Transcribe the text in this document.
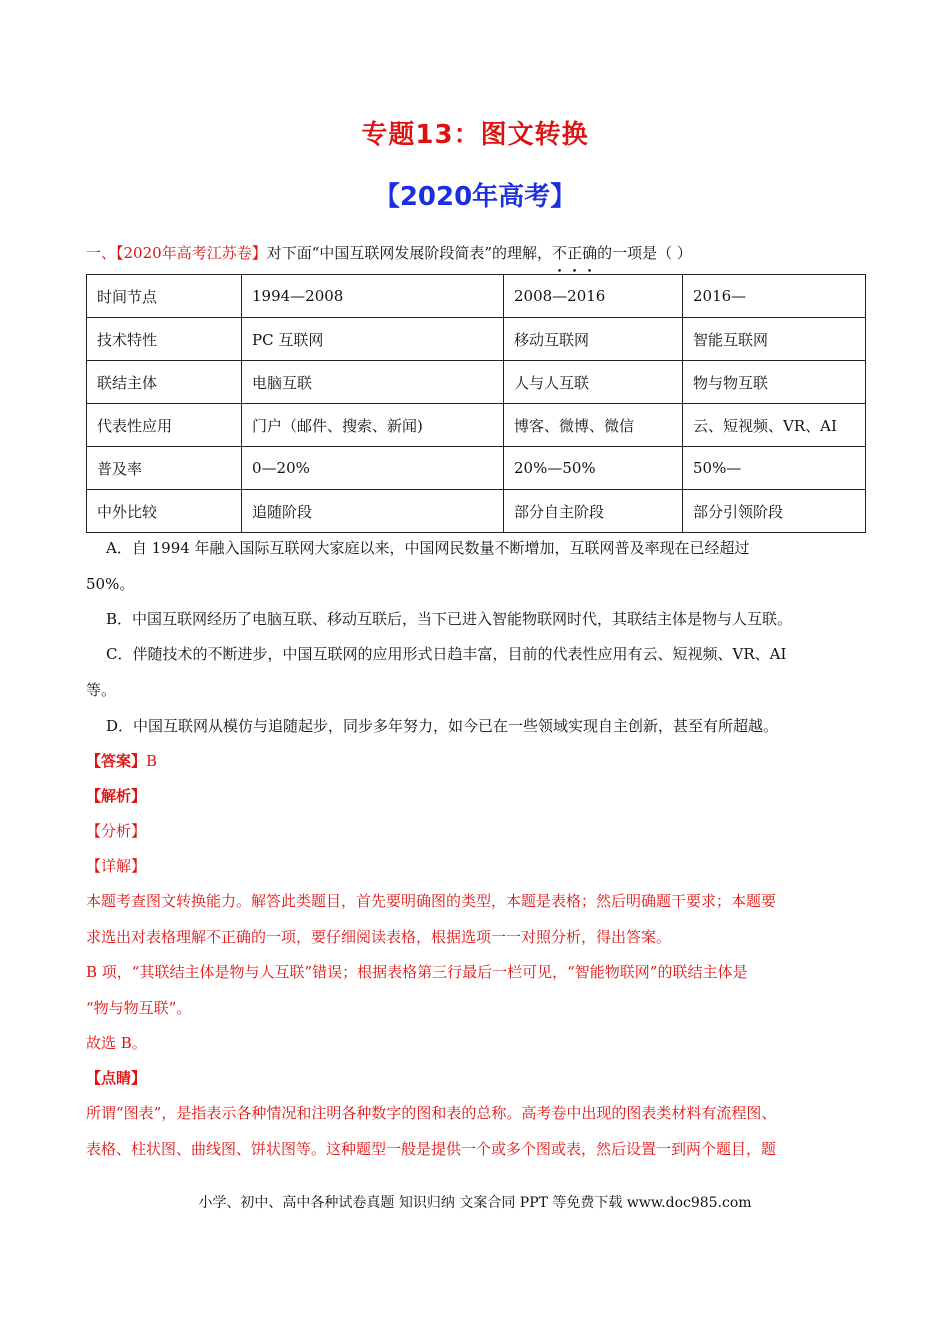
专题13：图文转换
【2020年高考】
一、【2020年高考江苏卷】对下面“中国互联网发展阶段简表”的理解，不正确的一项是（ ）
时间节点	1994—2008	2008—2016	2016—
技术特性	PC 互联网	移动互联网	智能互联网
联结主体	电脑互联	人与人互联	物与物互联
代表性应用	门户（邮件、搜索、新闻)	博客、微博、微信	云、短视频、VR、AI
普及率	0—20%	20%—50%	50%—
中外比较	追随阶段	部分自主阶段	部分引领阶段
A．自 1994 年融入国际互联网大家庭以来，中国网民数量不断增加，互联网普及率现在已经超过
50%。
B．中国互联网经历了电脑互联、移动互联后，当下已进入智能物联网时代，其联结主体是物与人互联。
C．伴随技术的不断进步，中国互联网的应用形式日趋丰富，目前的代表性应用有云、短视频、VR、AI
等。
D．中国互联网从模仿与追随起步，同步多年努力，如今已在一些领域实现自主创新，甚至有所超越。
【答案】B
【解析】
【分析】
【详解】
本题考查图文转换能力。解答此类题目，首先要明确图的类型，本题是表格；然后明确题干要求；本题要
求选出对表格理解不正确的一项，要仔细阅读表格，根据选项一一对照分析，得出答案。
B 项，“其联结主体是物与人互联”错误；根据表格第三行最后一栏可见，“智能物联网”的联结主体是
“物与物互联”。
故选 B。
【点睛】
所谓“图表”，是指表示各种情况和注明各种数字的图和表的总称。高考卷中出现的图表类材料有流程图、
表格、柱状图、曲线图、饼状图等。这种题型一般是提供一个或多个图或表，然后设置一到两个题目，题
小学、初中、高中各种试卷真题 知识归纳 文案合同 PPT 等免费下载 www.doc985.com
